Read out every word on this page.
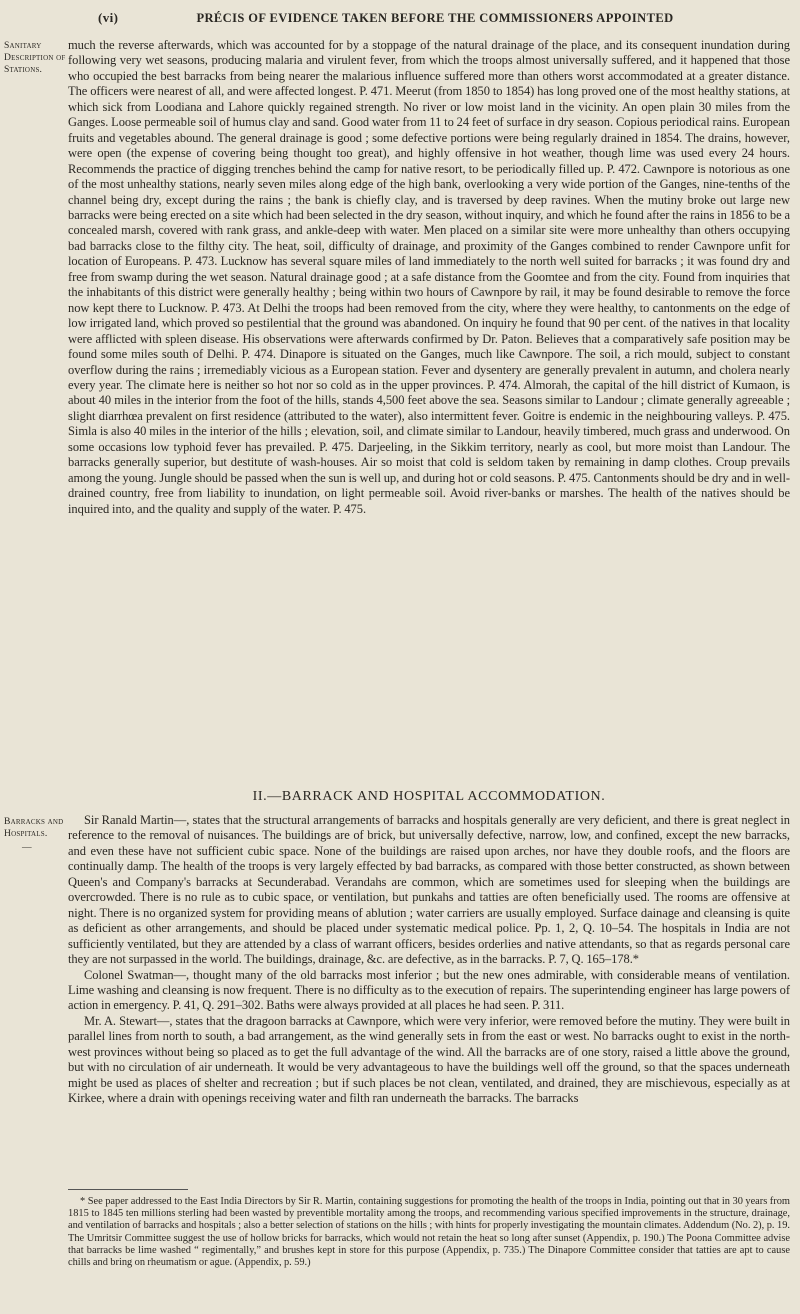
(vi)	PRÉCIS OF EVIDENCE TAKEN BEFORE THE COMMISSIONERS APPOINTED
Sanitary Description of Stations.

much the reverse afterwards, which was accounted for by a stoppage of the natural drainage of the place, and its consequent inundation during following very wet seasons, producing malaria and virulent fever, from which the troops almost universally suffered, and it happened that those who occupied the best barracks from being nearer the malarious influence suffered more than others worst accommodated at a greater distance. The officers were nearest of all, and were affected longest. P. 471. Meerut (from 1850 to 1854) has long proved one of the most healthy stations, at which sick from Loodiana and Lahore quickly regained strength. No river or low moist land in the vicinity. An open plain 30 miles from the Ganges. Loose permeable soil of humus clay and sand. Good water from 11 to 24 feet of surface in dry season. Copious periodical rains. European fruits and vegetables abound. The general drainage is good ; some defective portions were being regularly drained in 1854. The drains, however, were open (the expense of covering being thought too great), and highly offensive in hot weather, though lime was used every 24 hours. Recommends the practice of digging trenches behind the camp for native resort, to be periodically filled up. P. 472. Cawnpore is notorious as one of the most unhealthy stations, nearly seven miles along edge of the high bank, overlooking a very wide portion of the Ganges, nine-tenths of the channel being dry, except during the rains ; the bank is chiefly clay, and is traversed by deep ravines. When the mutiny broke out large new barracks were being erected on a site which had been selected in the dry season, without inquiry, and which he found after the rains in 1856 to be a concealed marsh, covered with rank grass, and ankle-deep with water. Men placed on a similar site were more unhealthy than others occupying bad barracks close to the filthy city. The heat, soil, difficulty of drainage, and proximity of the Ganges combined to render Cawnpore unfit for location of Europeans. P. 473. Lucknow has several square miles of land immediately to the north well suited for barracks ; it was found dry and free from swamp during the wet season. Natural drainage good ; at a safe distance from the Goomtee and from the city. Found from inquiries that the inhabitants of this district were generally healthy ; being within two hours of Cawnpore by rail, it may be found desirable to remove the force now kept there to Lucknow. P. 473. At Delhi the troops had been removed from the city, where they were healthy, to cantonments on the edge of low irrigated land, which proved so pestilential that the ground was abandoned. On inquiry he found that 90 per cent. of the natives in that locality were afflicted with spleen disease. His observations were afterwards confirmed by Dr. Paton. Believes that a comparatively safe position may be found some miles south of Delhi. P. 474. Dinapore is situated on the Ganges, much like Cawnpore. The soil, a rich mould, subject to constant overflow during the rains ; irremediably vicious as a European station. Fever and dysentery are generally prevalent in autumn, and cholera nearly every year. The climate here is neither so hot nor so cold as in the upper provinces. P. 474. Almorah, the capital of the hill district of Kumaon, is about 40 miles in the interior from the foot of the hills, stands 4,500 feet above the sea. Seasons similar to Landour ; climate generally agreeable ; slight diarrhœa prevalent on first residence (attributed to the water), also intermittent fever. Goitre is endemic in the neighbouring valleys. P. 475. Simla is also 40 miles in the interior of the hills ; elevation, soil, and climate similar to Landour, heavily timbered, much grass and underwood. On some occasions low typhoid fever has prevailed. P. 475. Darjeeling, in the Sikkim territory, nearly as cool, but more moist than Landour. The barracks generally superior, but destitute of wash-houses. Air so moist that cold is seldom taken by remaining in damp clothes. Croup prevails among the young. Jungle should be passed when the sun is well up, and during hot or cold seasons. P. 475. Cantonments should be dry and in well-drained country, free from liability to inundation, on light permeable soil. Avoid river-banks or marshes. The health of the natives should be inquired into, and the quality and supply of the water. P. 475.

II.—BARRACK AND HOSPITAL ACCOMMODATION.
Barracks and Hospitals.
—

Sir Ranald Martin—, states that the structural arrangements of barracks and hospitals generally are very deficient, and there is great neglect in reference to the removal of nuisances. The buildings are of brick, but universally defective, narrow, low, and confined, except the new barracks, and even these have not sufficient cubic space. None of the buildings are raised upon arches, nor have they double roofs, and the floors are continually damp. The health of the troops is very largely effected by bad barracks, as compared with those better constructed, as shown between Queen's and Company's barracks at Secunderabad. Verandahs are common, which are sometimes used for sleeping when the buildings are overcrowded. There is no rule as to cubic space, or ventilation, but punkahs and tatties are often beneficially used. The rooms are offensive at night. There is no organized system for providing means of ablution ; water carriers are usually employed. Surface dainage and cleansing is quite as deficient as other arrangements, and should be placed under systematic medical police. Pp. 1, 2, Q. 10–54. The hospitals in India are not sufficiently ventilated, but they are attended by a class of warrant officers, besides orderlies and native attendants, so that as regards personal care they are not surpassed in the world. The buildings, drainage, &c. are defective, as in the barracks. P. 7, Q. 165–178.*

Colonel Swatman—, thought many of the old barracks most inferior ; but the new ones admirable, with considerable means of ventilation. Lime washing and cleansing is now frequent. There is no difficulty as to the execution of repairs. The superintending engineer has large powers of action in emergency. P. 41, Q. 291–302. Baths were always provided at all places he had seen. P. 311.

Mr. A. Stewart—, states that the dragoon barracks at Cawnpore, which were very inferior, were removed before the mutiny. They were built in parallel lines from north to south, a bad arrangement, as the wind generally sets in from the east or west. No barracks ought to exist in the north-west provinces without being so placed as to get the full advantage of the wind. All the barracks are of one story, raised a little above the ground, but with no circulation of air underneath. It would be very advantageous to have the buildings well off the ground, so that the spaces underneath might be used as places of shelter and recreation ; but if such places be not clean, ventilated, and drained, they are mischievous, especially as at Kirkee, where a drain with openings receiving water and filth ran underneath the barracks. The barracks

* See paper addressed to the East India Directors by Sir R. Martin, containing suggestions for promoting the health of the troops in India, pointing out that in 30 years from 1815 to 1845 ten millions sterling had been wasted by preventible mortality among the troops, and recommending various specified improvements in the structure, drainage, and ventilation of barracks and hospitals ; also a better selection of stations on the hills ; with hints for properly investigating the mountain climates. Addendum (No. 2), p. 19. The Umritsir Committee suggest the use of hollow bricks for barracks, which would not retain the heat so long after sunset (Appendix, p. 190.) The Poona Committee advise that barracks be lime washed “ regimentally,” and brushes kept in store for this purpose (Appendix, p. 735.) The Dinapore Committee consider that tatties are apt to cause chills and bring on rheumatism or ague. (Appendix, p. 59.)
